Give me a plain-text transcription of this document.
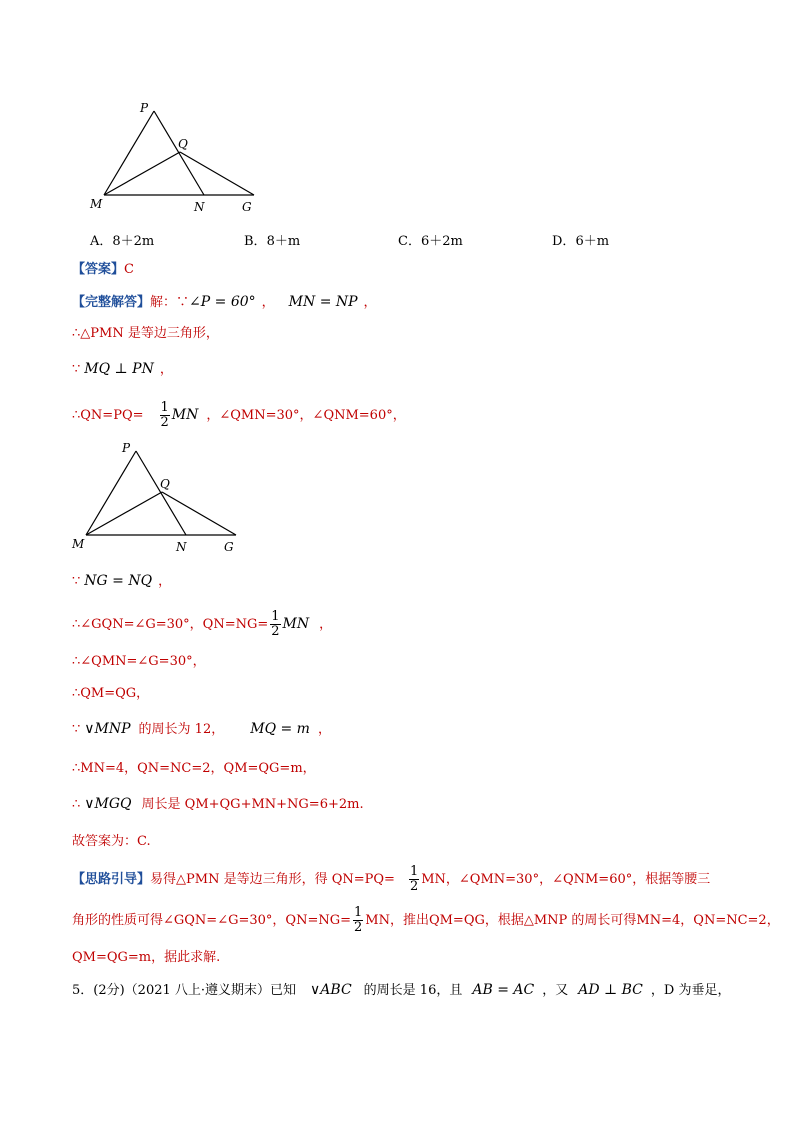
P
Q
M	N	G
A．8＋2m	B．8＋m	C．6＋2m	D．6＋m
【答案】C
【完整解答】解：∵∠P = 60° ， MN = NP ，
∴△PMN 是等边三角形，
∵ MQ ⊥ PN ，
∴QN=PQ= $\frac{1}{2}$ MN ，∠QMN=30°，∠QNM=60°，
P
Q
M	N	G
∵ NG = NQ ，
∴∠GQN=∠G=30°，$QN=NG= \frac{1}{2}$ MN ，
∴∠QMN=∠G=30°，
∴QM=QG，
∵ ∨MNP 的周长为 12， MQ = m ，
∴MN=4，QN=NC=2，QM=QG=m，
∴ ∨MGQ 周长是 QM+QG+MN+NG=6+2m.
故答案为：C.
【思路引导】易得△PMN 是等边三角形，得 $QN=PQ= \frac{1}{2}$ MN，∠QMN=30°，∠QNM=60°，根据等腰三
角形的性质可得∠GQN=∠G=30°，$QN=NG= \frac{1}{2}$ MN，推出QM=QG，根据△MNP 的周长可得MN=4，QN=NC=2，
QM=QG=m，据此求解.
5．(2分)（2021 八上·遵义期末）已知 ∨ABC 的周长是 16，且 AB = AC ，又 AD ⊥ BC ，D 为垂足，
